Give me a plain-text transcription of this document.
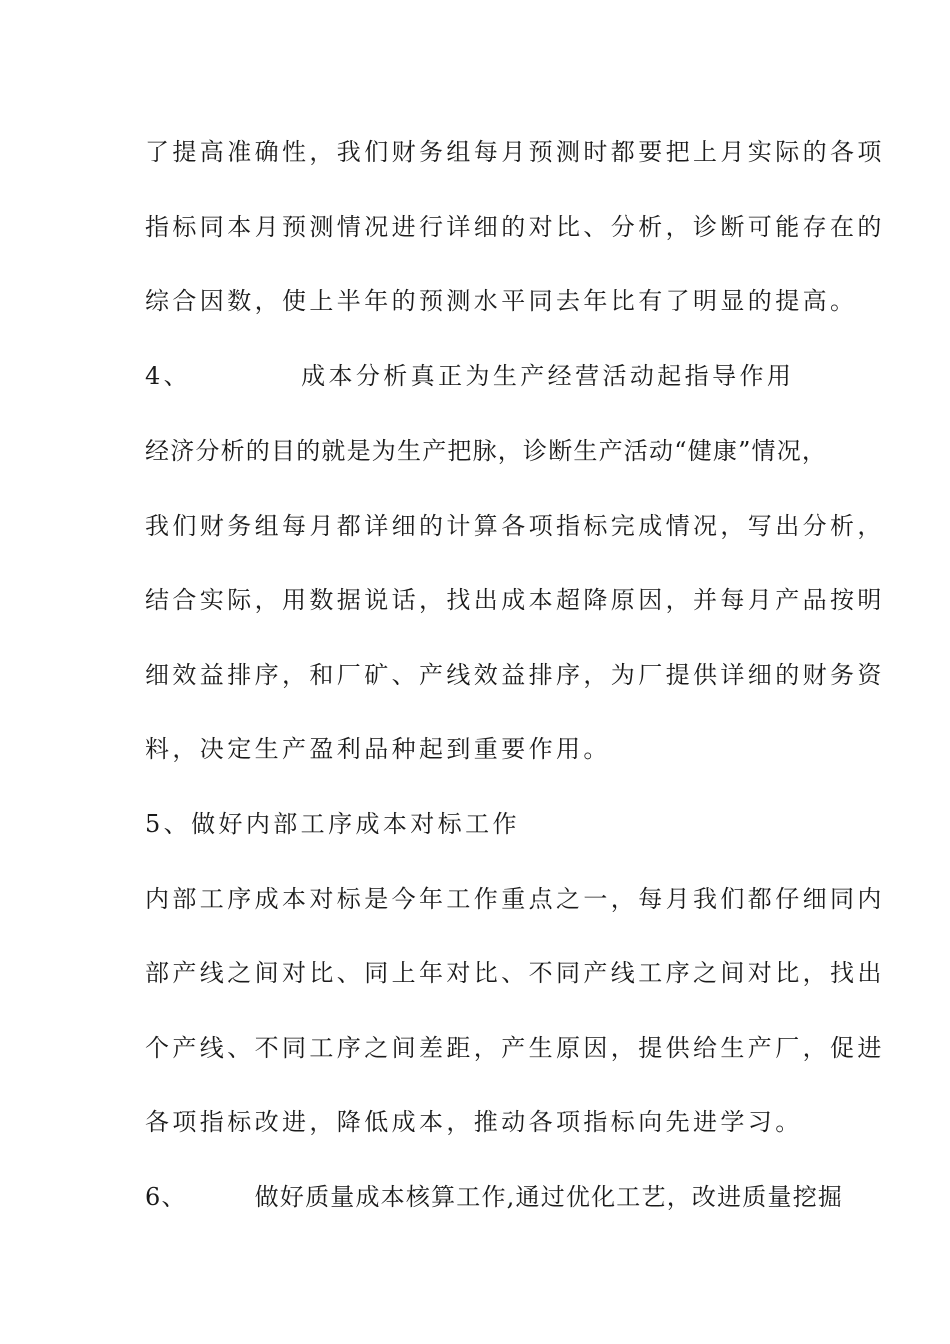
了提高准确性，我们财务组每月预测时都要把上月实际的各项
指标同本月预测情况进行详细的对比、分析，诊断可能存在的
综合因数，使上半年的预测水平同去年比有了明显的提高。
4、	成本分析真正为生产经营活动起指导作用
经济分析的目的就是为生产把脉，诊断生产活动“健康”情况，
我们财务组每月都详细的计算各项指标完成情况，写出分析，
结合实际，用数据说话，找出成本超降原因，并每月产品按明
细效益排序，和厂矿、产线效益排序，为厂提供详细的财务资
料，决定生产盈利品种起到重要作用。
5、做好内部工序成本对标工作
内部工序成本对标是今年工作重点之一，每月我们都仔细同内
部产线之间对比、同上年对比、不同产线工序之间对比，找出
个产线、不同工序之间差距，产生原因，提供给生产厂，促进
各项指标改进，降低成本，推动各项指标向先进学习。
6、	做好质量成本核算工作,通过优化工艺，改进质量挖掘
